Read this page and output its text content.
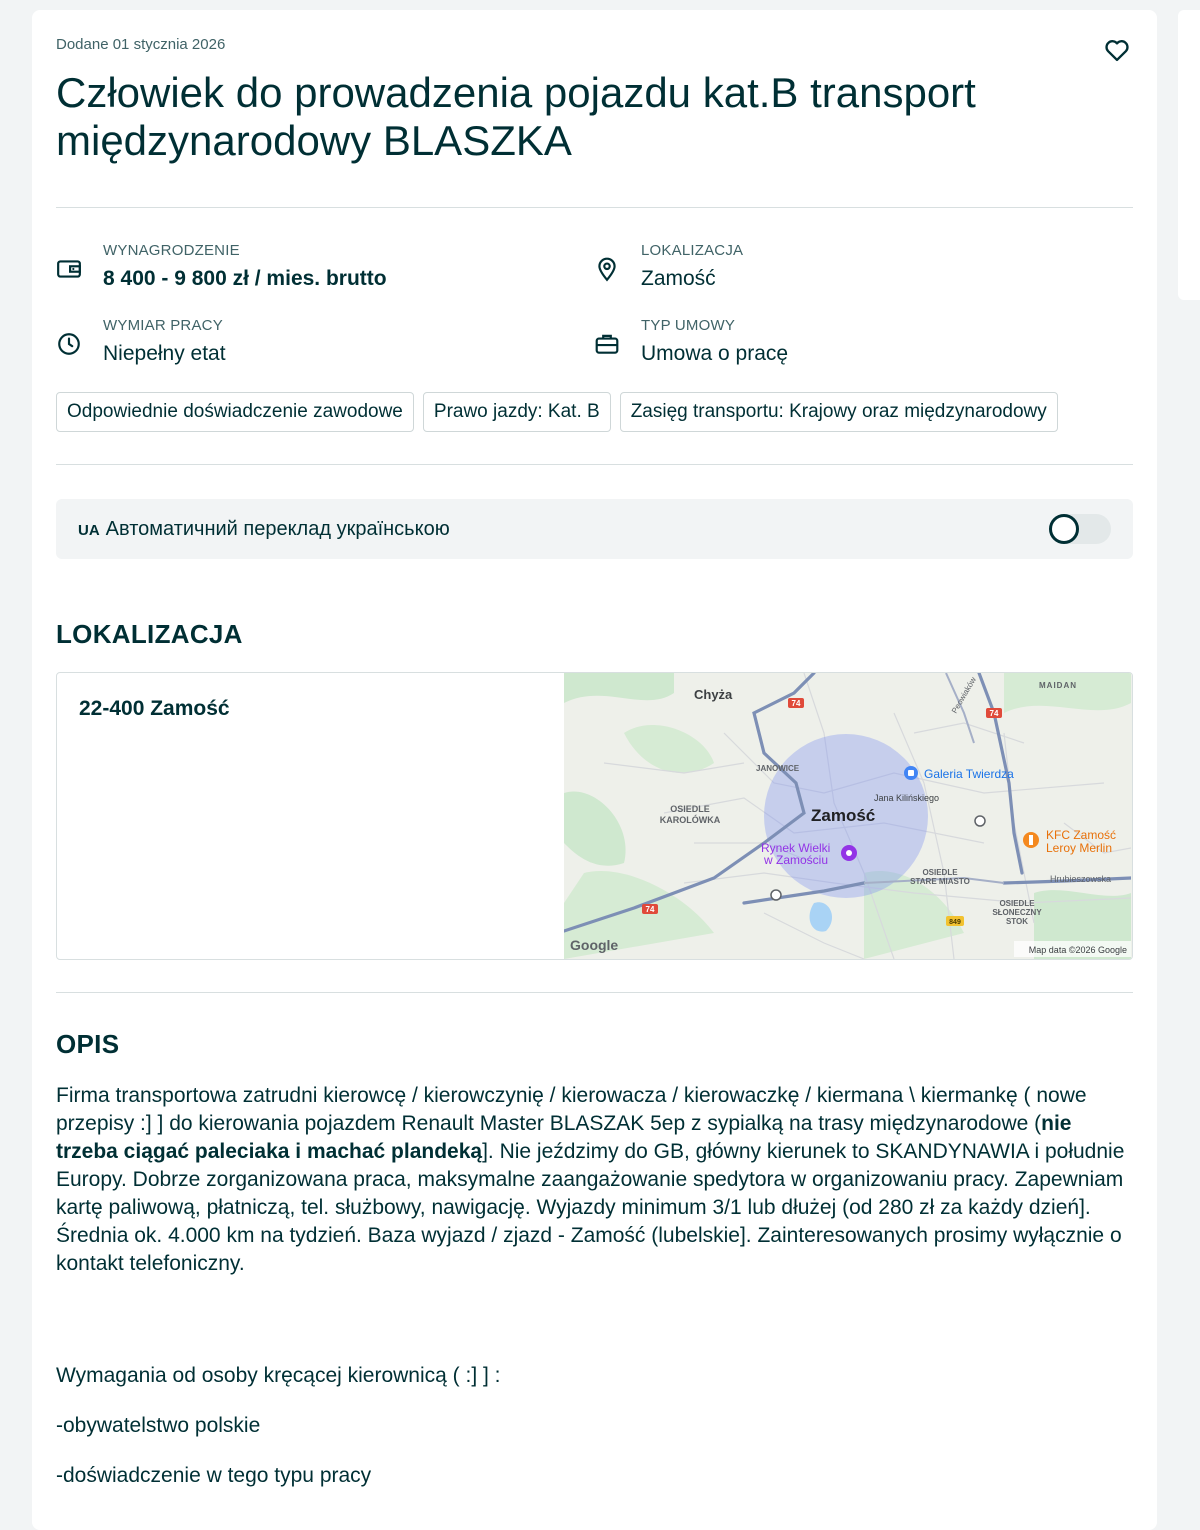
Dodane 01 stycznia 2026

Człowiek do prowadzenia pojazdu kat.B transport międzynarodowy BLASZKA

WYNAGRODZENIE

8 400 - 9 800 zł / mies. brutto

LOKALIZACJA

Zamość

WYMIAR PRACY

Niepełny etat

TYP UMOWY

Umowa o pracę

Odpowiednie doświadczenie zawodowe	Prawo jazdy: Kat. B	Zasięg transportu: Krajowy oraz międzynarodowy
UA Автоматичний переклад українською
LOKALIZACJA

22-400 Zamość	74
74
74
849
Chyża
MAIDAN
JANOWICE
OSIEDLE
KAROLÓWKA
Peowiaków
Galeria Twierdza
Jana Kilińskiego
Zamość
Rynek Wielki
w Zamościu
KFC Zamość
Leroy Merlin
OSIEDLE
STARE MIASTO	Hrubieszowska
OSIEDLE
SŁONECZNY
STOK
Google	Map data ©2026 Google
OPIS

Firma transportowa zatrudni kierowcę / kierowczynię / kierowacza / kierowaczkę / kiermana \ kiermankę ( nowe przepisy :] ] do kierowania pojazdem Renault Master BLASZAK 5ep z sypialką na trasy międzynarodowe (nie trzeba ciągać paleciaka i machać plandeką]. Nie jeździmy do GB, główny kierunek to SKANDYNAWIA i południe Europy. Dobrze zorganizowana praca, maksymalne zaangażowanie spedytora w organizowaniu pracy. Zapewniam kartę paliwową, płatniczą, tel. służbowy, nawigację. Wyjazdy minimum 3/1 lub dłużej (od 280 zł za każdy dzień]. Średnia ok. 4.000 km na tydzień. Baza wyjazd / zjazd - Zamość (lubelskie]. Zainteresowanych prosimy wyłącznie o kontakt telefoniczny.

Wymagania od osoby kręcącej kierownicą ( :] ] :

-obywatelstwo polskie

-doświadczenie w tego typu pracy
